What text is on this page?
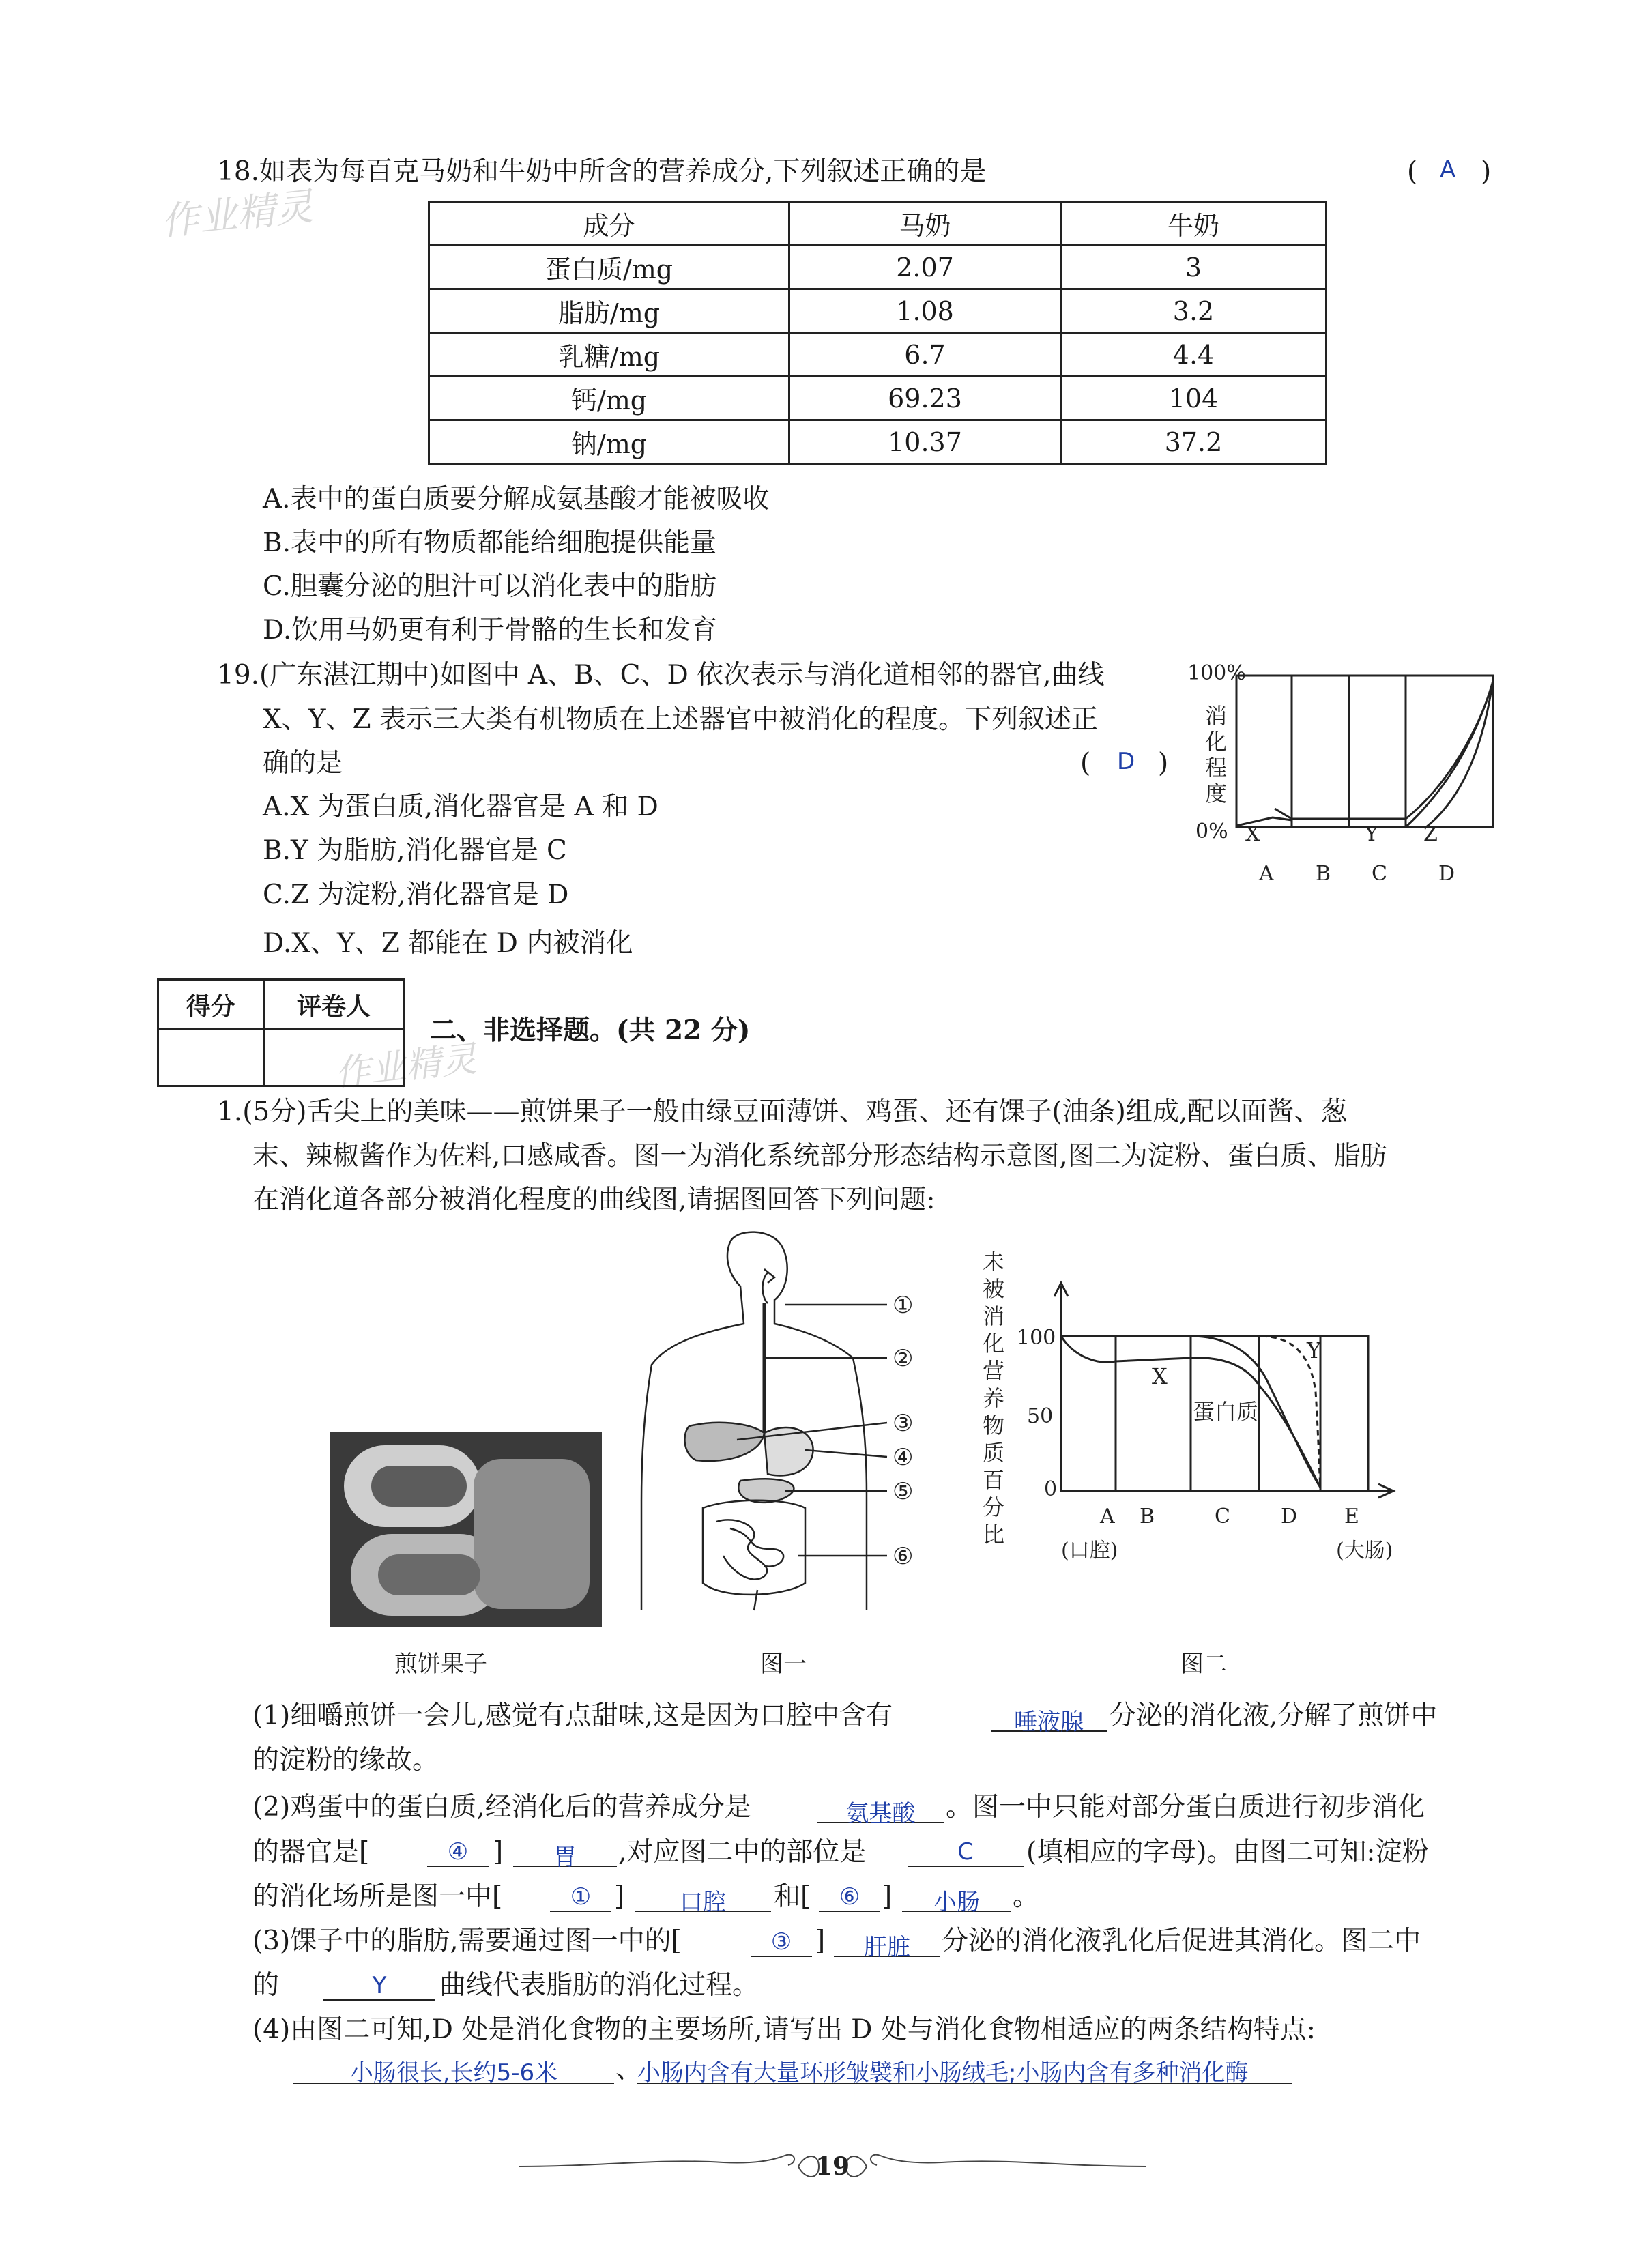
作业精灵
作业精灵
18.如表为每百克马奶和牛奶中所含的营养成分,下列叙述正确的是	( A )
成分	马奶	牛奶
蛋白质/mg	2.07	3
脂肪/mg	1.08	3.2
乳糖/mg	6.7	4.4
钙/mg	69.23	104
钠/mg	10.37	37.2
A.表中的蛋白质要分解成氨基酸才能被吸收
B.表中的所有物质都能给细胞提供能量
C.胆囊分泌的胆汁可以消化表中的脂肪
D.饮用马奶更有利于骨骼的生长和发育
19.(广东湛江期中)如图中 A、B、C、D 依次表示与消化道相邻的器官,曲线
X、Y、Z 表示三大类有机物质在上述器官中被消化的程度。下列叙述正
确的是	( D )
A.X 为蛋白质,消化器官是 A 和 D
B.Y 为脂肪,消化器官是 C
C.Z 为淀粉,消化器官是 D
D.X、Y、Z 都能在 D 内被消化
100%
0%
消
化
程
度
X	Y Z
A B C	D
得分	评卷人

二、非选择题。(共 22 分)
1.(5分)舌尖上的美味——煎饼果子一般由绿豆面薄饼、鸡蛋、还有馃子(油条)组成,配以面酱、葱
末、辣椒酱作为佐料,口感咸香。图一为消化系统部分形态结构示意图,图二为淀粉、蛋白质、脂肪
在消化道各部分被消化程度的曲线图,请据图回答下列问题:
煎饼果子
①
②
③
④
⑤
⑥
图一
未
被
消
化
营
养
物
质
百
分
比
100
50
0
X
Y
蛋白质
A B	C D E
(口腔)	(大肠)
图二
(1)细嚼煎饼一会儿,感觉有点甜味,这是因为口腔中含有	唾液腺 分泌的消化液,分解了煎饼中
的淀粉的缘故。
(2)鸡蛋中的蛋白质,经消化后的营养成分是	氨基酸	。图一中只能对部分蛋白质进行初步消化
的器官是[	④ ]	胃	,对应图二中的部位是	C	(填相应的字母)。由图二可知:淀粉
的消化场所是图一中[	① ]	口腔	和[	⑥ ]	小肠	。
(3)馃子中的脂肪,需要通过图一中的[	③ ]	肝脏	分泌的消化液乳化后促进其消化。图二中
的	Y	曲线代表脂肪的消化过程。
(4)由图二可知,D 处是消化食物的主要场所,请写出 D 处与消化食物相适应的两条结构特点:
小肠很长,长约5-6米	、
小肠内含有大量环形皱襞和小肠绒毛;小肠内含有多种消化酶
19
